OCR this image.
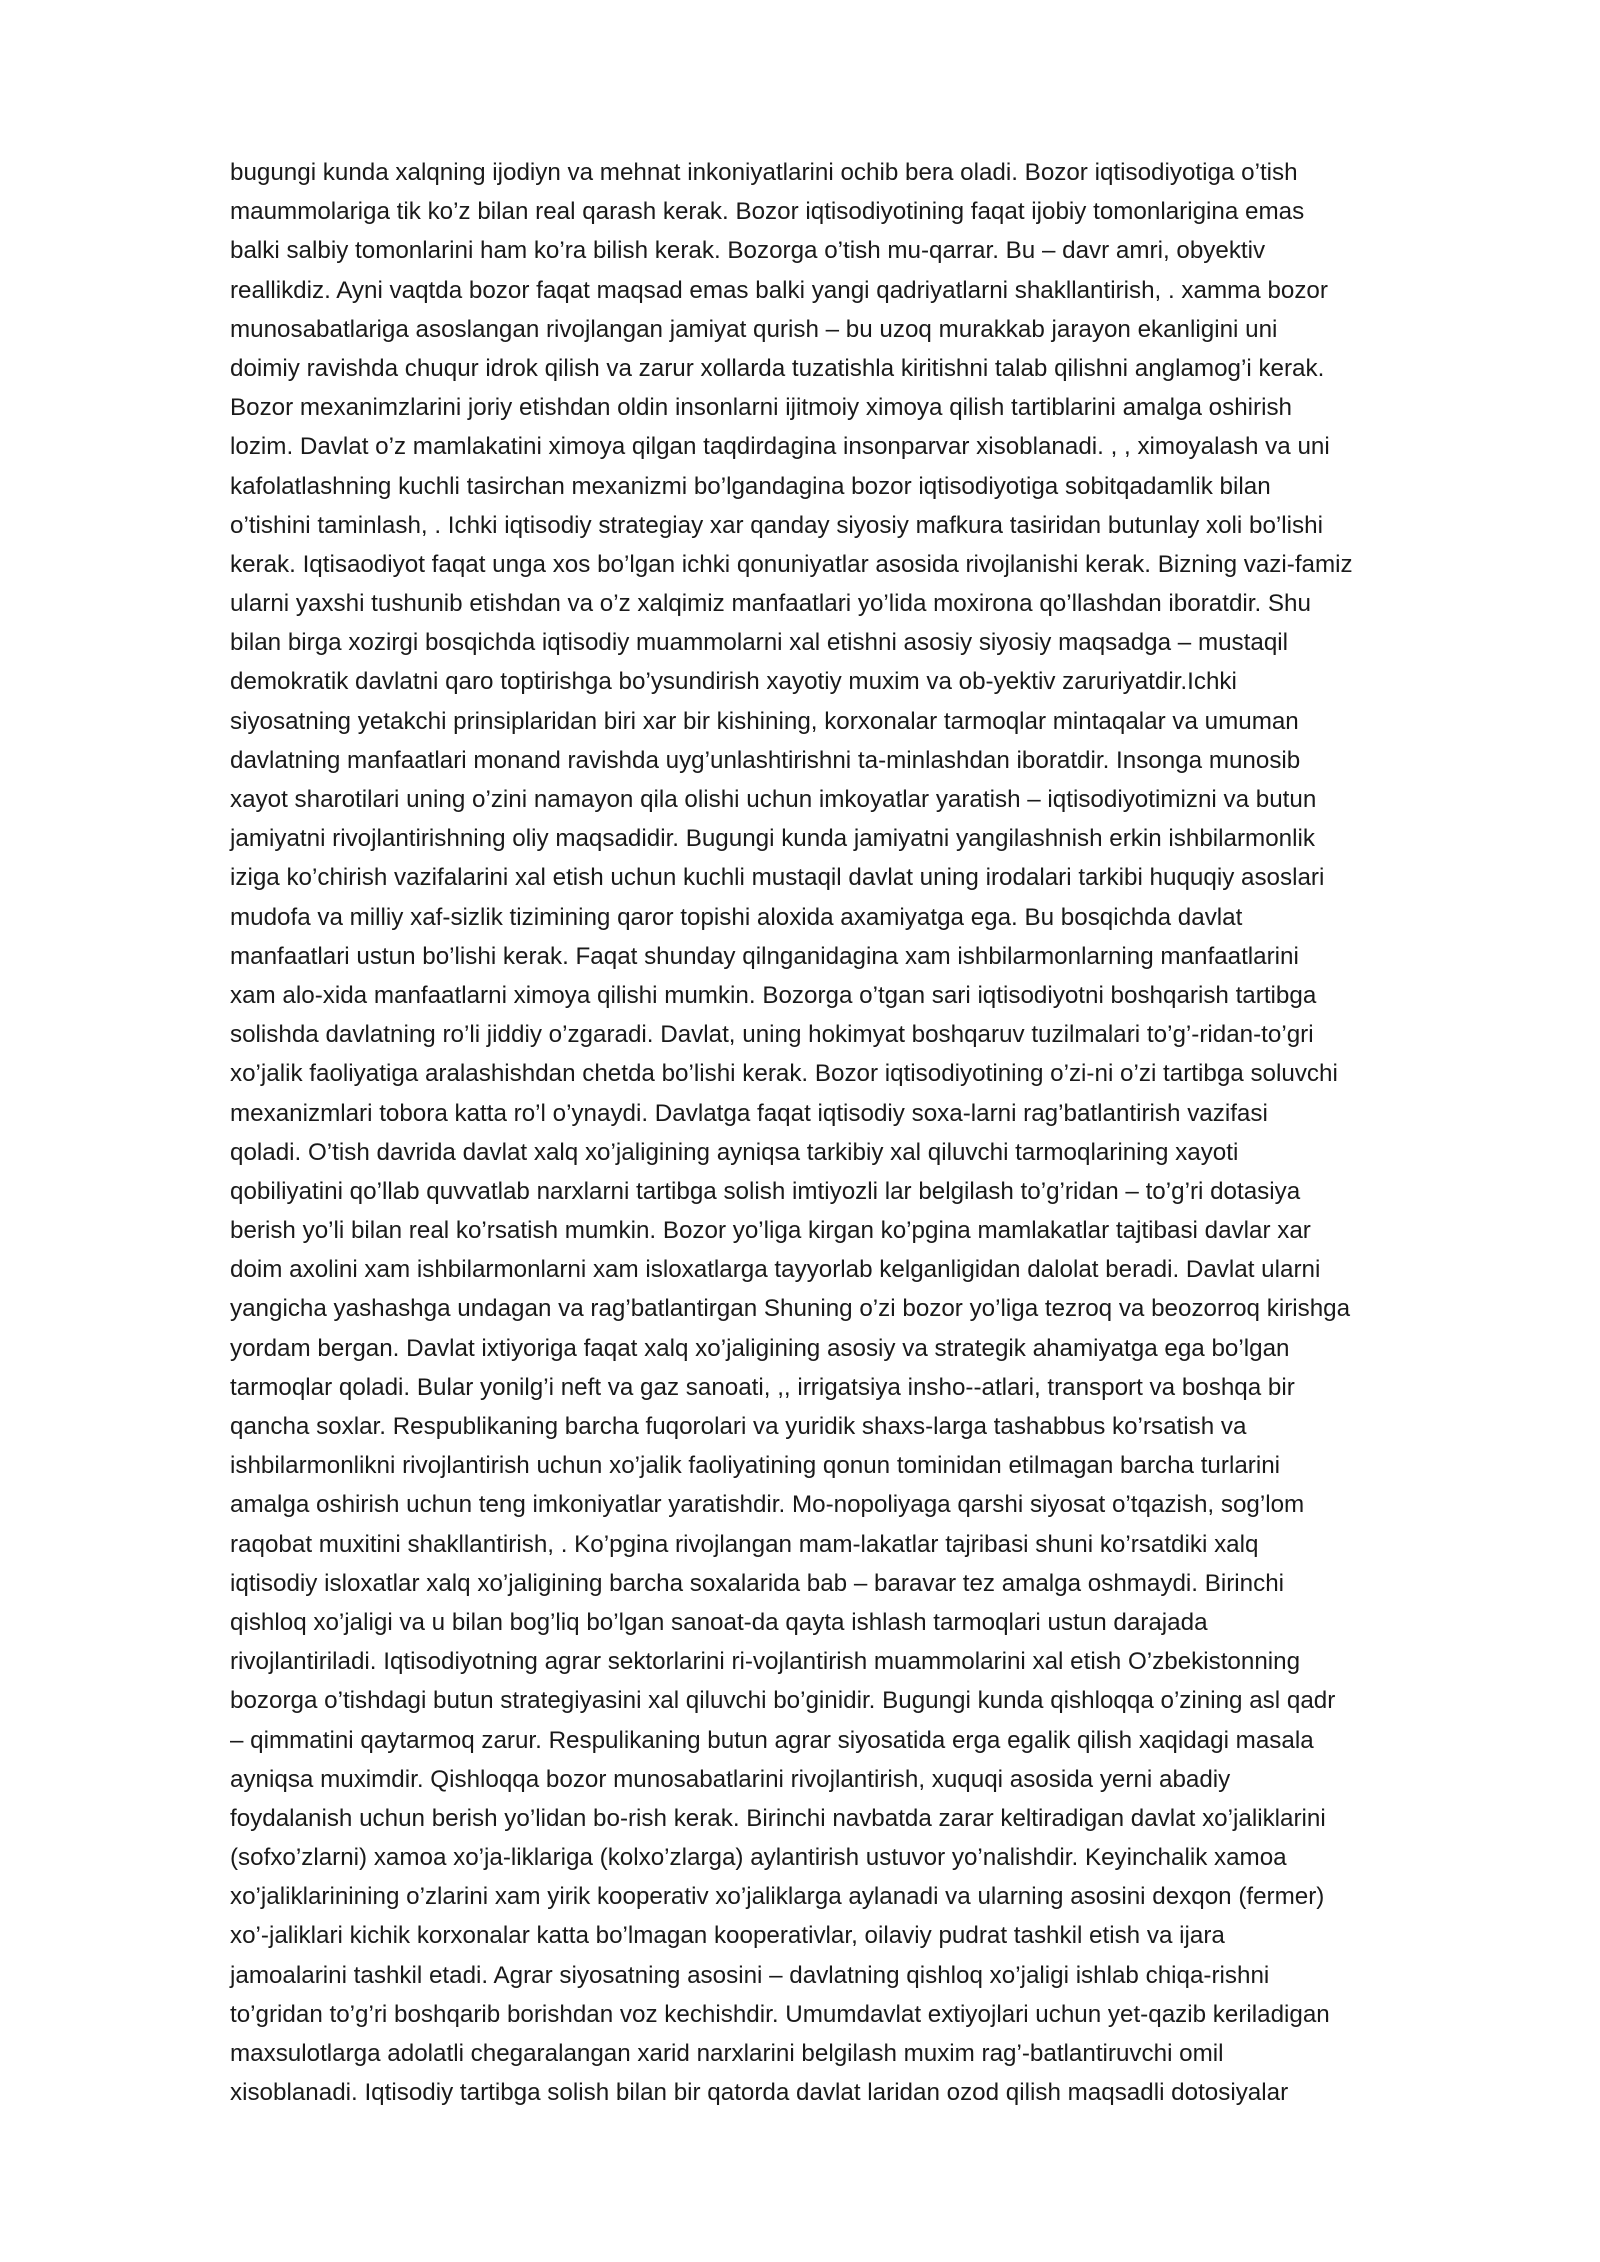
bugungi kunda xalqning ijodiyn va mehnat inkoniyatlarini ochib bera oladi. Bozor iqtisodiyotiga o’tish
maummolariga tik ko’z bilan real qarash kerak. Bozor iqtisodiyotining faqat ijobiy tomonlarigina emas
balki salbiy tomonlarini ham ko’ra bilish kerak. Bozorga o’tish mu-qarrar. Bu – davr amri, obyektiv
reallikdiz. Ayni vaqtda bozor faqat maqsad emas balki yangi qadriyatlarni shakllantirish, . xamma bozor
munosabatlariga asoslangan rivojlangan jamiyat qurish – bu uzoq murakkab jarayon ekanligini uni
doimiy ravishda chuqur idrok qilish va zarur xollarda tuzatishla kiritishni talab qilishni anglamog’i kerak.
Bozor mexanimzlarini joriy etishdan oldin insonlarni ijitmoiy ximoya qilish tartiblarini amalga oshirish
lozim. Davlat o’z mamlakatini ximoya qilgan taqdirdagina insonparvar xisoblanadi. , , ximoyalash va uni
kafolatlashning kuchli tasirchan mexanizmi bo’lgandagina bozor iqtisodiyotiga sobitqadamlik bilan
o’tishini taminlash, . Ichki iqtisodiy strategiay xar qanday siyosiy mafkura tasiridan butunlay xoli bo’lishi
kerak. Iqtisaodiyot faqat unga xos bo’lgan ichki qonuniyatlar asosida rivojlanishi kerak. Bizning vazi-famiz
ularni yaxshi tushunib etishdan va o’z xalqimiz manfaatlari yo’lida moxirona qo’llashdan iboratdir. Shu
bilan birga xozirgi bosqichda iqtisodiy muammolarni xal etishni asosiy siyosiy maqsadga – mustaqil
demokratik davlatni qaro toptirishga bo’ysundirish xayotiy muxim va ob-yektiv zaruriyatdir.Ichki
siyosatning yetakchi prinsiplaridan biri xar bir kishining, korxonalar tarmoqlar mintaqalar va umuman
davlatning manfaatlari monand ravishda uyg’unlashtirishni ta-minlashdan iboratdir. Insonga munosib
xayot sharotilari uning o’zini namayon qila olishi uchun imkoyatlar yaratish – iqtisodiyotimizni va butun
jamiyatni rivojlantirishning oliy maqsadidir. Bugungi kunda jamiyatni yangilashnish erkin ishbilarmonlik
iziga ko’chirish vazifalarini xal etish uchun kuchli mustaqil davlat uning irodalari tarkibi huquqiy asoslari
mudofa va milliy xaf-sizlik tizimining qaror topishi aloxida axamiyatga ega. Bu bosqichda davlat
manfaatlari ustun bo’lishi kerak. Faqat shunday qilnganidagina xam ishbilarmonlarning manfaatlarini
xam alo-xida manfaatlarni ximoya qilishi mumkin. Bozorga o’tgan sari iqtisodiyotni boshqarish tartibga
solishda davlatning ro’li jiddiy o’zgaradi. Davlat, uning hokimyat boshqaruv tuzilmalari to’g’-ridan-to’gri
xo’jalik faoliyatiga aralashishdan chetda bo’lishi kerak. Bozor iqtisodiyotining o’zi-ni o’zi tartibga soluvchi
mexanizmlari tobora katta ro’l o’ynaydi. Davlatga faqat iqtisodiy soxa-larni rag’batlantirish vazifasi
qoladi. O’tish davrida davlat xalq xo’jaligining ayniqsa tarkibiy xal qiluvchi tarmoqlarining xayoti
qobiliyatini qo’llab quvvatlab narxlarni tartibga solish imtiyozli lar belgilash to’g’ridan – to’g’ri dotasiya
berish yo’li bilan real ko’rsatish mumkin. Bozor yo’liga kirgan ko’pgina mamlakatlar tajtibasi davlar xar
doim axolini xam ishbilarmonlarni xam isloxatlarga tayyorlab kelganligidan dalolat beradi. Davlat ularni
yangicha yashashga undagan va rag’batlantirgan Shuning o’zi bozor yo’liga tezroq va beozorroq kirishga
yordam bergan. Davlat ixtiyoriga faqat xalq xo’jaligining asosiy va strategik ahamiyatga ega bo’lgan
tarmoqlar qoladi. Bular yonilg’i neft va gaz sanoati, ,, irrigatsiya insho--atlari, transport va boshqa bir
qancha soxlar. Respublikaning barcha fuqorolari va yuridik shaxs-larga tashabbus ko’rsatish va
ishbilarmonlikni rivojlantirish uchun xo’jalik faoliyatining qonun tominidan etilmagan barcha turlarini
amalga oshirish uchun teng imkoniyatlar yaratishdir. Mo-nopoliyaga qarshi siyosat o’tqazish, sog’lom
raqobat muxitini shakllantirish, . Ko’pgina rivojlangan mam-lakatlar tajribasi shuni ko’rsatdiki xalq
iqtisodiy isloxatlar xalq xo’jaligining barcha soxalarida bab – baravar tez amalga oshmaydi. Birinchi
qishloq xo’jaligi va u bilan bog’liq bo’lgan sanoat-da qayta ishlash tarmoqlari ustun darajada
rivojlantiriladi. Iqtisodiyotning agrar sektorlarini ri-vojlantirish muammolarini xal etish O’zbekistonning
bozorga o’tishdagi butun strategiyasini xal qiluvchi bo’ginidir. Bugungi kunda qishloqqa o’zining asl qadr
– qimmatini qaytarmoq zarur. Respulikaning butun agrar siyosatida erga egalik qilish xaqidagi masala
ayniqsa muximdir. Qishloqqa bozor munosabatlarini rivojlantirish, xuquqi asosida yerni abadiy
foydalanish uchun berish yo’lidan bo-rish kerak. Birinchi navbatda zarar keltiradigan davlat xo’jaliklarini
(sofxo’zlarni) xamoa xo’ja-liklariga (kolxo’zlarga) aylantirish ustuvor yo’nalishdir. Keyinchalik xamoa
xo’jaliklarinining o’zlarini xam yirik kooperativ xo’jaliklarga aylanadi va ularning asosini dexqon (fermer)
xo’-jaliklari kichik korxonalar katta bo’lmagan kooperativlar, oilaviy pudrat tashkil etish va ijara
jamoalarini tashkil etadi. Agrar siyosatning asosini – davlatning qishloq xo’jaligi ishlab chiqa-rishni
to’gridan to’g’ri boshqarib borishdan voz kechishdir. Umumdavlat extiyojlari uchun yet-qazib keriladigan
maxsulotlarga adolatli chegaralangan xarid narxlarini belgilash muxim rag’-batlantiruvchi omil
xisoblanadi. Iqtisodiy tartibga solish bilan bir qatorda davlat laridan ozod qilish maqsadli dotosiyalar
